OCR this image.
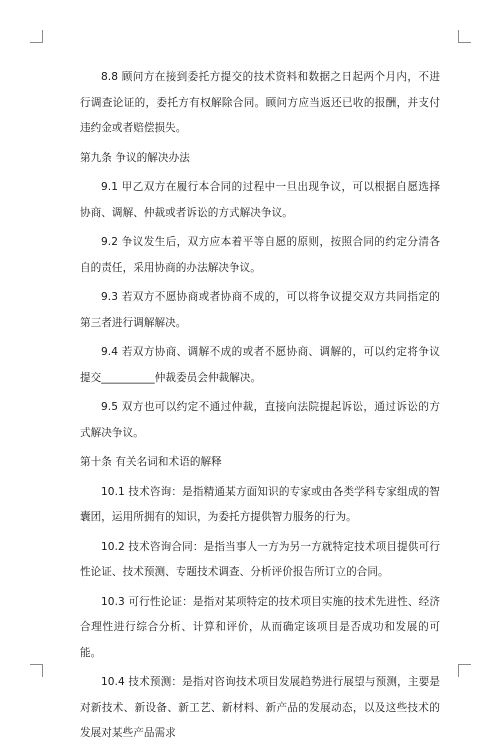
8.8 顾问方在接到委托方提交的技术资料和数据之日起两个月内，不进行调查论证的，委托方有权解除合同。顾问方应当返还已收的报酬，并支付违约金或者赔偿损失。

第九条 争议的解决办法

9.1 甲乙双方在履行本合同的过程中一旦出现争议，可以根据自愿选择协商、调解、仲裁或者诉讼的方式解决争议。

9.2 争议发生后，双方应本着平等自愿的原则，按照合同的约定分清各自的责任，采用协商的办法解决争议。

9.3 若双方不愿协商或者协商不成的，可以将争议提交双方共同指定的第三者进行调解解决。

9.4 若双方协商、调解不成的或者不愿协商、调解的，可以约定将争议提交__________仲裁委员会仲裁解决。

9.5 双方也可以约定不通过仲裁，直接向法院提起诉讼，通过诉讼的方式解决争议。

第十条 有关名词和术语的解释

10.1 技术咨询：是指精通某方面知识的专家或由各类学科专家组成的智囊团，运用所拥有的知识，为委托方提供智力服务的行为。

10.2 技术咨询合同：是指当事人一方为另一方就特定技术项目提供可行性论证、技术预测、专题技术调查、分析评价报告所订立的合同。

10.3 可行性论证：是指对某项特定的技术项目实施的技术先进性、经济合理性进行综合分析、计算和评价，从而确定该项目是否成功和发展的可能。

10.4 技术预测：是指对咨询技术项目发展趋势进行展望与预测，主要是对新技术、新设备、新工艺、新材料、新产品的发展动态，以及这些技术的发展对某些产品需求
